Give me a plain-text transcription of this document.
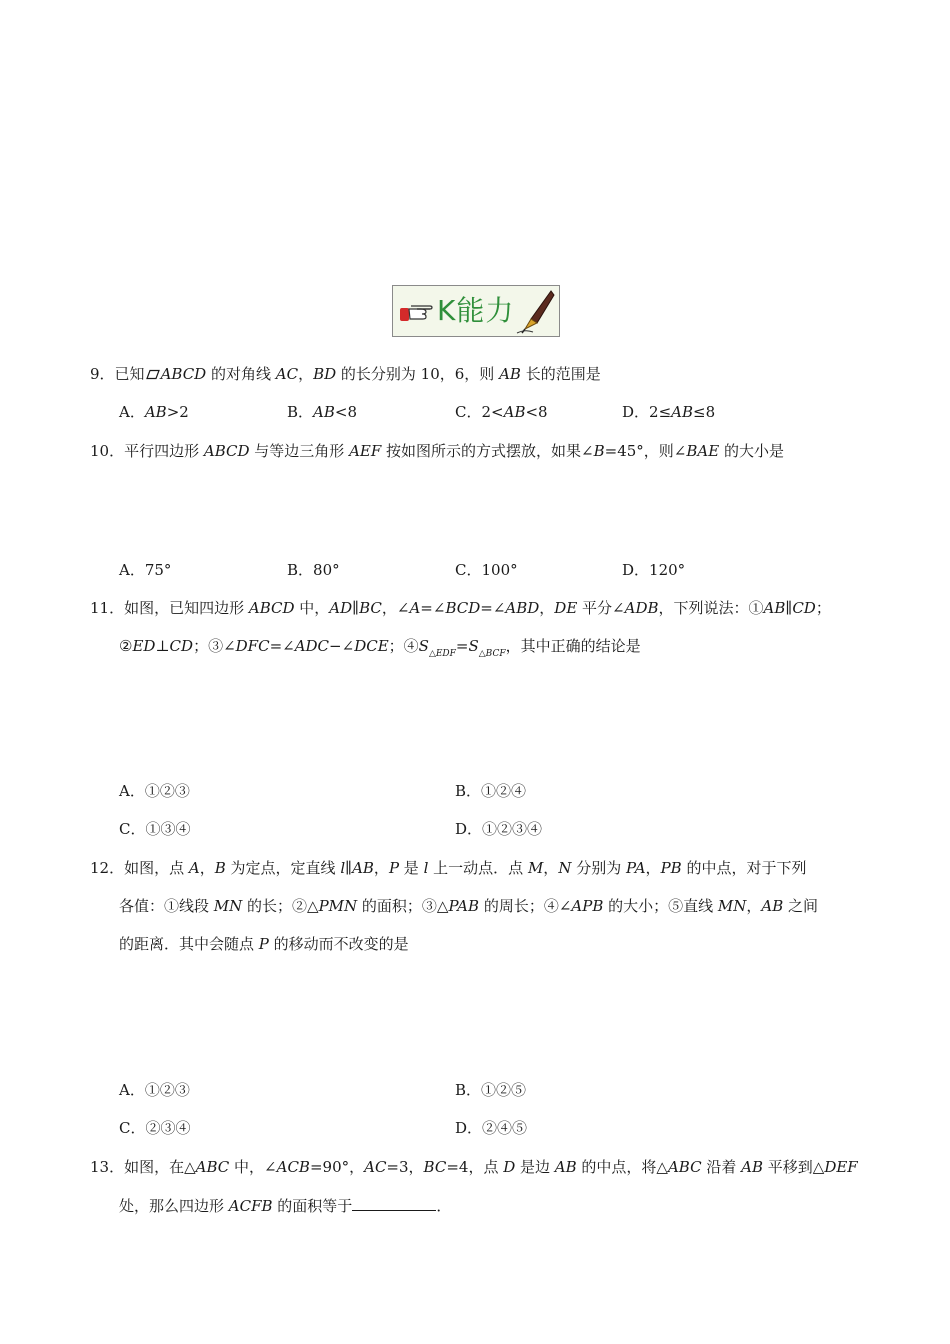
K能力
9．已知 ABCD 的对角线 AC，BD 的长分别为 10，6，则 AB 长的范围是
A．AB>2	B．AB<8	C．2<AB<8	D．2≤AB≤8
10．平行四边形 ABCD 与等边三角形 AEF 按如图所示的方式摆放，如果∠B=45°，则∠BAE 的大小是
A．75°	B．80°	C．100°	D．120°
11．如图，已知四边形 ABCD 中，AD∥BC，∠A=∠BCD=∠ABD，DE 平分∠ADB，下列说法：①AB∥CD；
②ED⊥CD；③∠DFC=∠ADC−∠DCE；$④S_{\triangle EDF}=S_{\triangle BCF}$，其中正确的结论是
A．①②③	B．①②④
C．①③④	D．①②③④
12．如图，点 A，B 为定点，定直线 l∥AB，P 是 l 上一动点．点 M，N 分别为 PA，PB 的中点，对于下列
各值：①线段 MN 的长；②△PMN 的面积；③△PAB 的周长；④∠APB 的大小；⑤直线 MN，AB 之间
的距离．其中会随点 P 的移动而不改变的是
A．①②③	B．①②⑤
C．②③④	D．②④⑤
13．如图，在△ABC 中，∠ACB=90°，AC=3，BC=4，点 D 是边 AB 的中点，将△ABC 沿着 AB 平移到△DEF
处，那么四边形 ACFB 的面积等于	．
